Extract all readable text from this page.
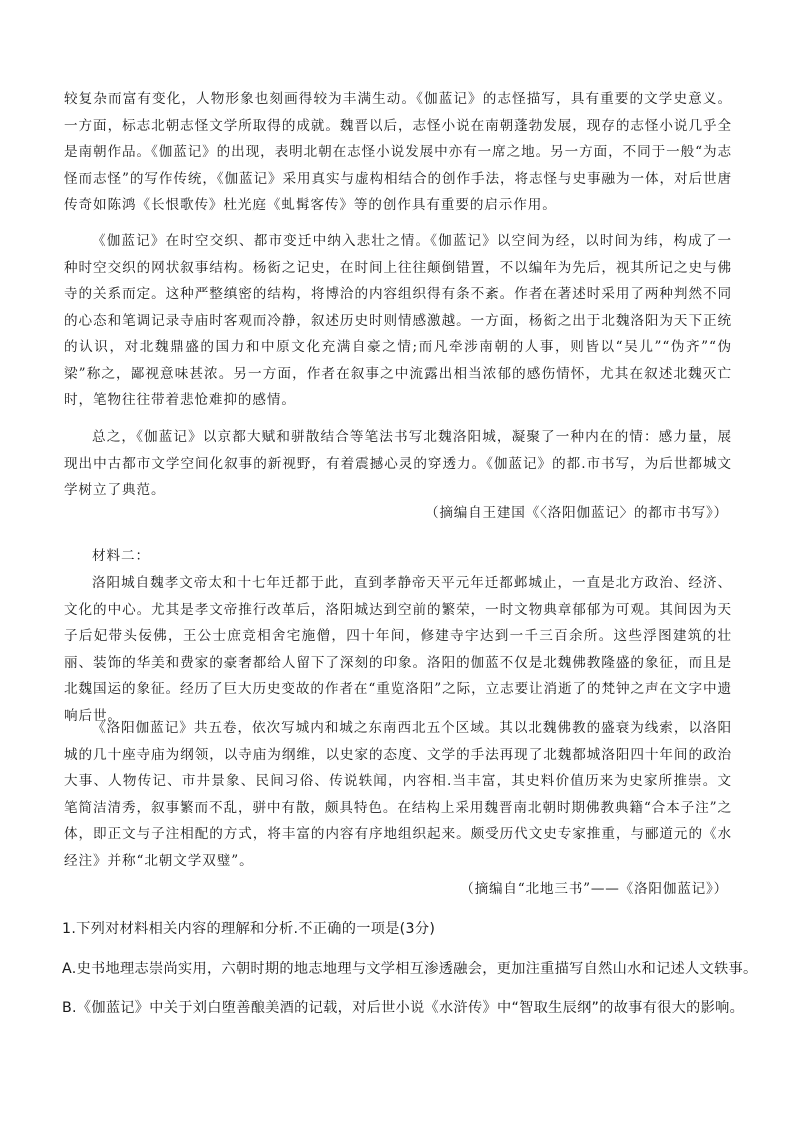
较复杂而富有变化，人物形象也刻画得较为丰满生动。《伽蓝记》的志怪描写，具有重要的文学史意义。一方面，标志北朝志怪文学所取得的成就。魏晋以后，志怪小说在南朝蓬勃发展，现存的志怪小说几乎全是南朝作品。《伽蓝记》的出现，表明北朝在志怪小说发展中亦有一席之地。另一方面，不同于一般“为志怪而志怪”的写作传统，《伽蓝记》采用真实与虚构相结合的创作手法，将志怪与史事融为一体，对后世唐传奇如陈鸿《长恨歌传》杜光庭《虬髯客传》等的创作具有重要的启示作用。

《伽蓝记》在时空交织、都市变迁中纳入悲壮之情。《伽蓝记》以空间为经，以时间为纬，构成了一种时空交织的网状叙事结构。杨衒之记史，在时间上往往颠倒错置，不以编年为先后，视其所记之史与佛寺的关系而定。这种严整缜密的结构，将博洽的内容组织得有条不紊。作者在著述时采用了两种判然不同的心态和笔调记录寺庙时客观而冷静，叙述历史时则情感激越。一方面，杨衒之出于北魏洛阳为天下正统的认识，对北魏鼎盛的国力和中原文化充满自豪之情;而凡牵涉南朝的人事，则皆以“吴儿”“伪齐”“伪梁”称之，鄙视意味甚浓。另一方面，作者在叙事之中流露出相当浓郁的感伤情怀，尤其在叙述北魏灭亡时，笔物往往带着悲怆难抑的感情。

总之，《伽蓝记》以京都大赋和骈散结合等笔法书写北魏洛阳城，凝聚了一种内在的情：感力量，展现出中古都市文学空间化叙事的新视野，有着震撼心灵的穿透力。《伽蓝记》的都.市书写，为后世都城文学树立了典范。

（摘编自王建国《〈洛阳伽蓝记〉的都市书写》）

材料二：

洛阳城自魏孝文帝太和十七年迁都于此，直到孝静帝天平元年迁都邺城止，一直是北方政治、经济、文化的中心。尤其是孝文帝推行改革后，洛阳城达到空前的繁荣，一时文物典章郁郁为可观。其间因为天子后妃带头佞佛，王公士庶竞相舍宅施僧，四十年间，修建寺宇达到一千三百余所。这些浮图建筑的壮丽、装饰的华美和费家的豪奢都给人留下了深刻的印象。洛阳的伽蓝不仅是北魏佛教隆盛的象征，而且是北魏国运的象征。经历了巨大历史变故的作者在“重览洛阳”之际，立志要让消逝了的梵钟之声在文字中遗响后世。

《洛阳伽蓝记》共五卷，依次写城内和城之东南西北五个区域。其以北魏佛教的盛衰为线索，以洛阳城的几十座寺庙为纲领，以寺庙为纲维，以史家的态度、文学的手法再现了北魏都城洛阳四十年间的政治大事、人物传记、市井景象、民间习俗、传说轶闻，内容相.当丰富，其史料价值历来为史家所推崇。文笔简洁清秀，叙事繁而不乱，骈中有散，颇具特色。在结构上采用魏晋南北朝时期佛教典籍“合本子注”之体，即正文与子注相配的方式，将丰富的内容有序地组织起来。颇受历代文史专家推重，与郦道元的《水经注》并称“北朝文学双璧”。

（摘编自“北地三书”——《洛阳伽蓝记》）

1.下列对材料相关内容的理解和分析.不正确的一项是(3分)

A.史书地理志崇尚实用，六朝时期的地志地理与文学相互渗透融会，更加注重描写自然山水和记述人文轶事。

B.《伽蓝记》中关于刘白堕善酿美酒的记载，对后世小说《水浒传》中“智取生辰纲”的故事有很大的影响。
